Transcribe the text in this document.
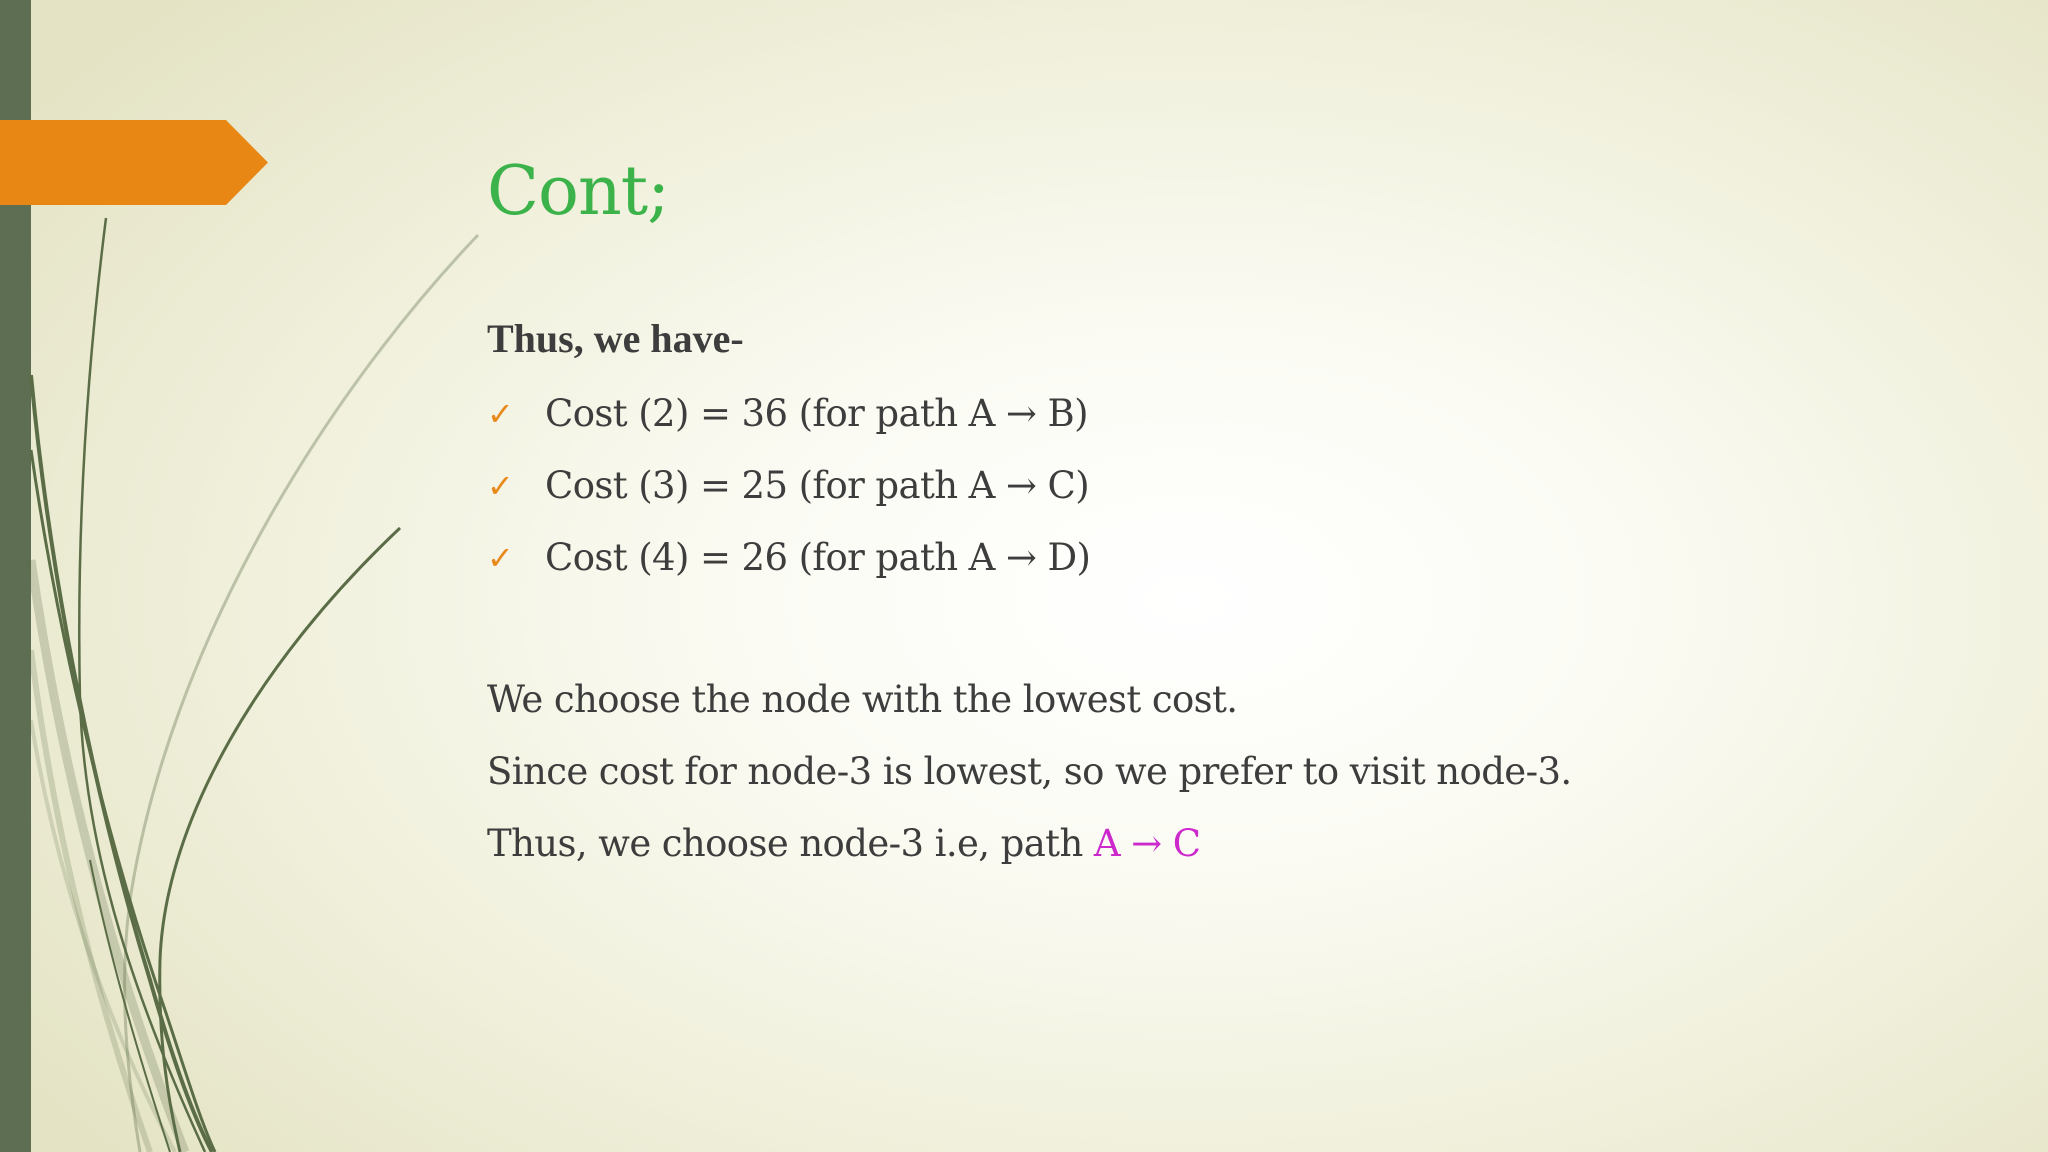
Cont;

Thus, we have-

✓ Cost (2) = 36 (for path A → B)
✓ Cost (3) = 25 (for path A → C)
✓ Cost (4) = 26 (for path A → D)

We choose the node with the lowest cost.

Since cost for node-3 is lowest, so we prefer to visit node-3.

Thus, we choose node-3 i.e, path A → C
